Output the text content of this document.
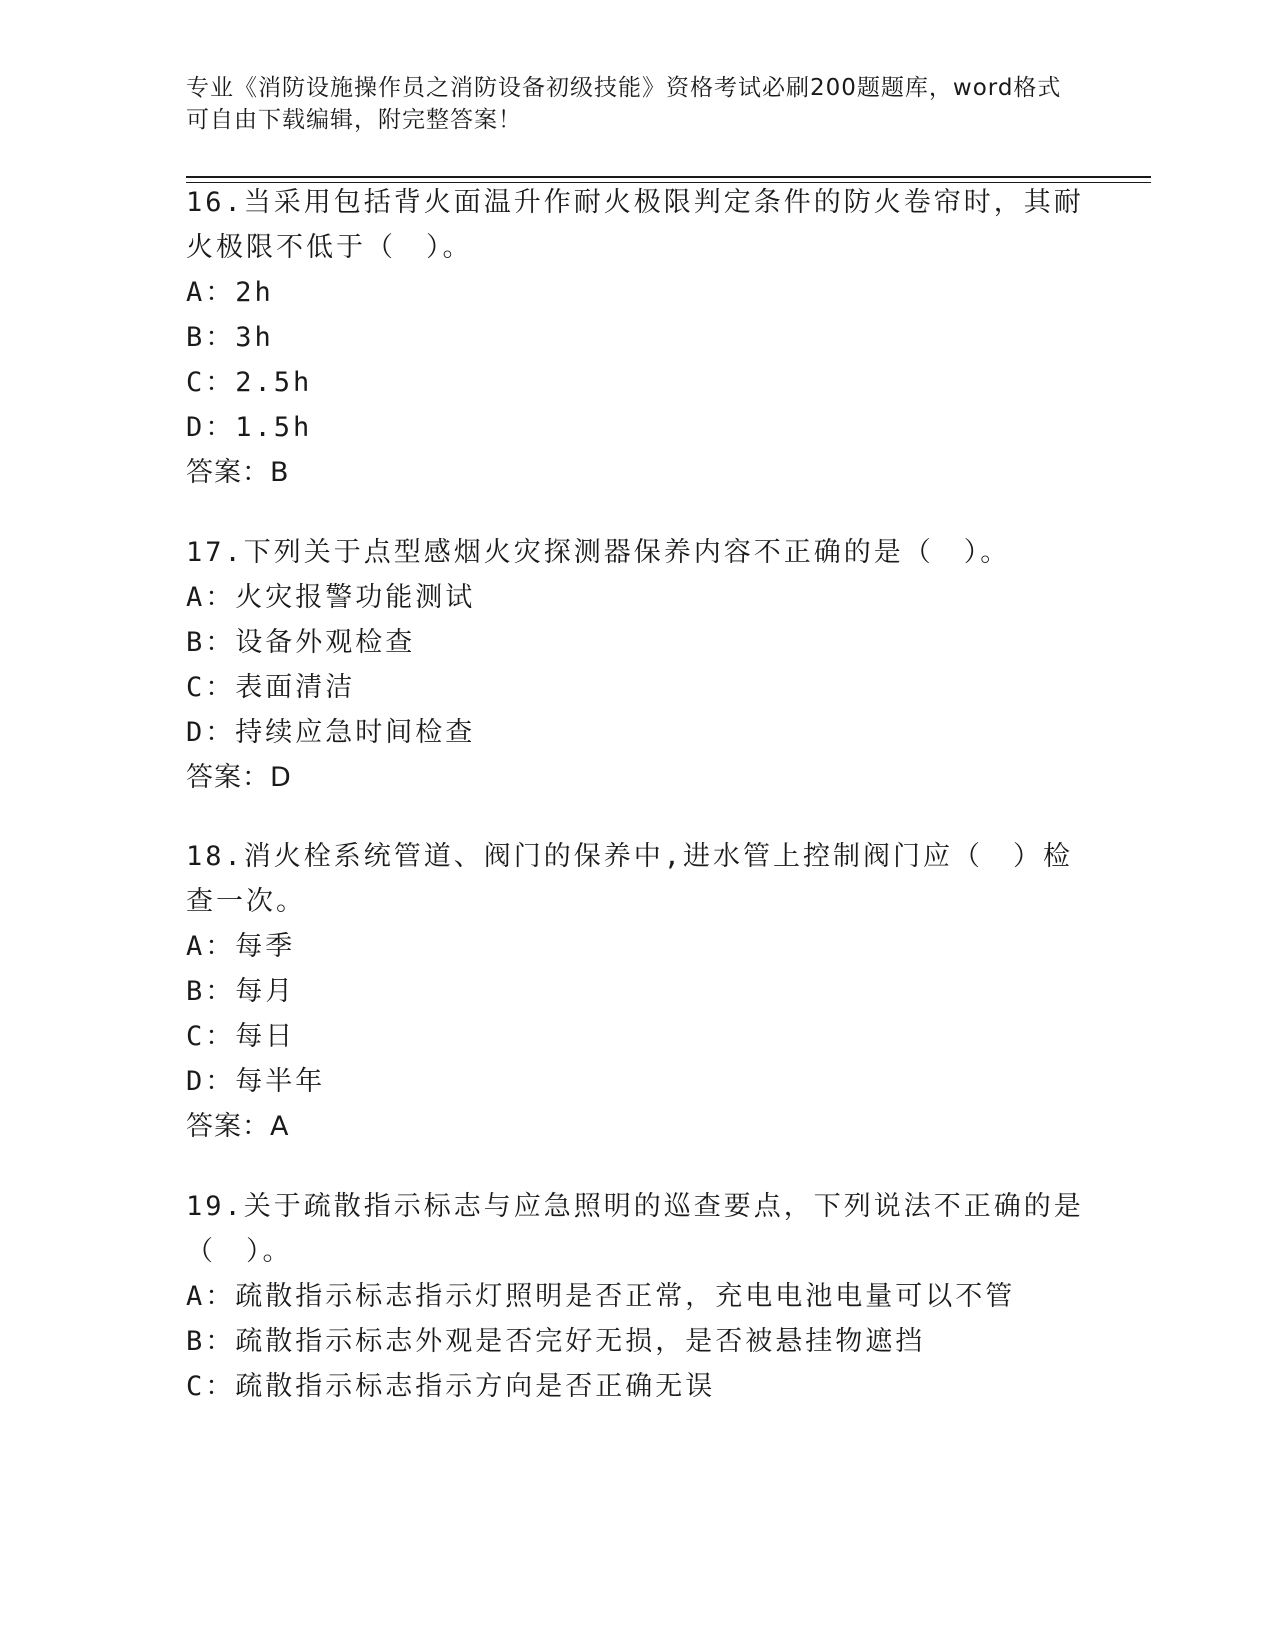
专业《消防设施操作员之消防设备初级技能》资格考试必刷200题题库，word格式可自由下载编辑，附完整答案！

16.当采用包括背火面温升作耐火极限判定条件的防火卷帘时，其耐火极限不低于（　）。

A：2h

B：3h

C：2.5h

D：1.5h

答案：B

17.下列关于点型感烟火灾探测器保养内容不正确的是（　）。

A：火灾报警功能测试

B：设备外观检查

C：表面清洁

D：持续应急时间检查

答案：D

18.消火栓系统管道、阀门的保养中,进水管上控制阀门应（　）检查一次。

A：每季

B：每月

C：每日

D：每半年

答案：A

19.关于疏散指示标志与应急照明的巡查要点，下列说法不正确的是（　）。

A：疏散指示标志指示灯照明是否正常，充电电池电量可以不管

B：疏散指示标志外观是否完好无损，是否被悬挂物遮挡

C：疏散指示标志指示方向是否正确无误
